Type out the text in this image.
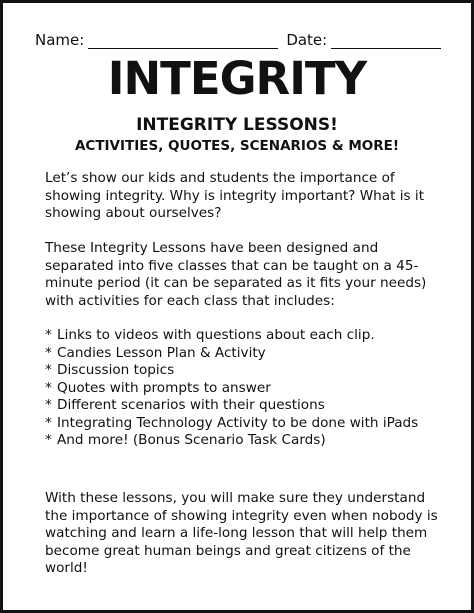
Name:	Date:
INTEGRITY
INTEGRITY LESSONS!
ACTIVITIES, QUOTES, SCENARIOS & MORE!

Let’s show our kids and students the importance of showing integrity. Why is integrity important? What is it showing about ourselves?

These Integrity Lessons have been designed and separated into five classes that can be taught on a 45-minute period (it can be separated as it fits your needs) with activities for each class that includes:

* Links to videos with questions about each clip.
* Candies Lesson Plan & Activity
* Discussion topics
* Quotes with prompts to answer
* Different scenarios with their questions
* Integrating Technology Activity to be done with iPads
* And more! (Bonus Scenario Task Cards)

With these lessons, you will make sure they understand the importance of showing integrity even when nobody is watching and learn a life-long lesson that will help them become great human beings and great citizens of the world!
